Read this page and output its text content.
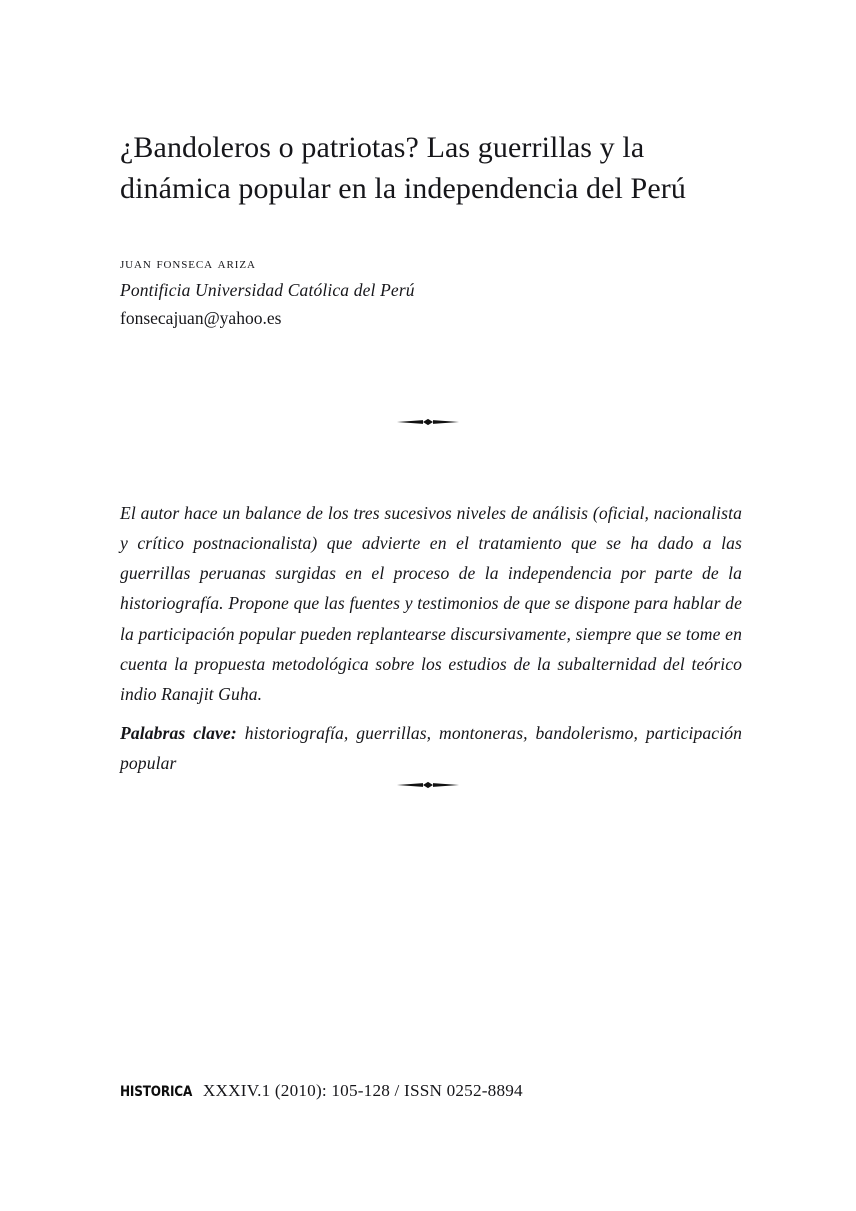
¿Bandoleros o patriotas? Las guerrillas y la dinámica popular en la independencia del Perú
juan fonseca ariza
Pontificia Universidad Católica del Perú
fonsecajuan@yahoo.es

El autor hace un balance de los tres sucesivos niveles de análisis (oficial, nacionalista y crítico postnacionalista) que advierte en el tratamiento que se ha dado a las guerrillas peruanas surgidas en el proceso de la independencia por parte de la historiografía. Propone que las fuentes y testimonios de que se dispone para hablar de la participación popular pueden replantearse discursivamente, siempre que se tome en cuenta la propuesta metodológica sobre los estudios de la subalternidad del teórico indio Ranajit Guha.

Palabras clave: historiografía, guerrillas, montoneras, bandolerismo, participación popular

HISTORICA XXXIV.1 (2010): 105-128 / ISSN 0252-8894
